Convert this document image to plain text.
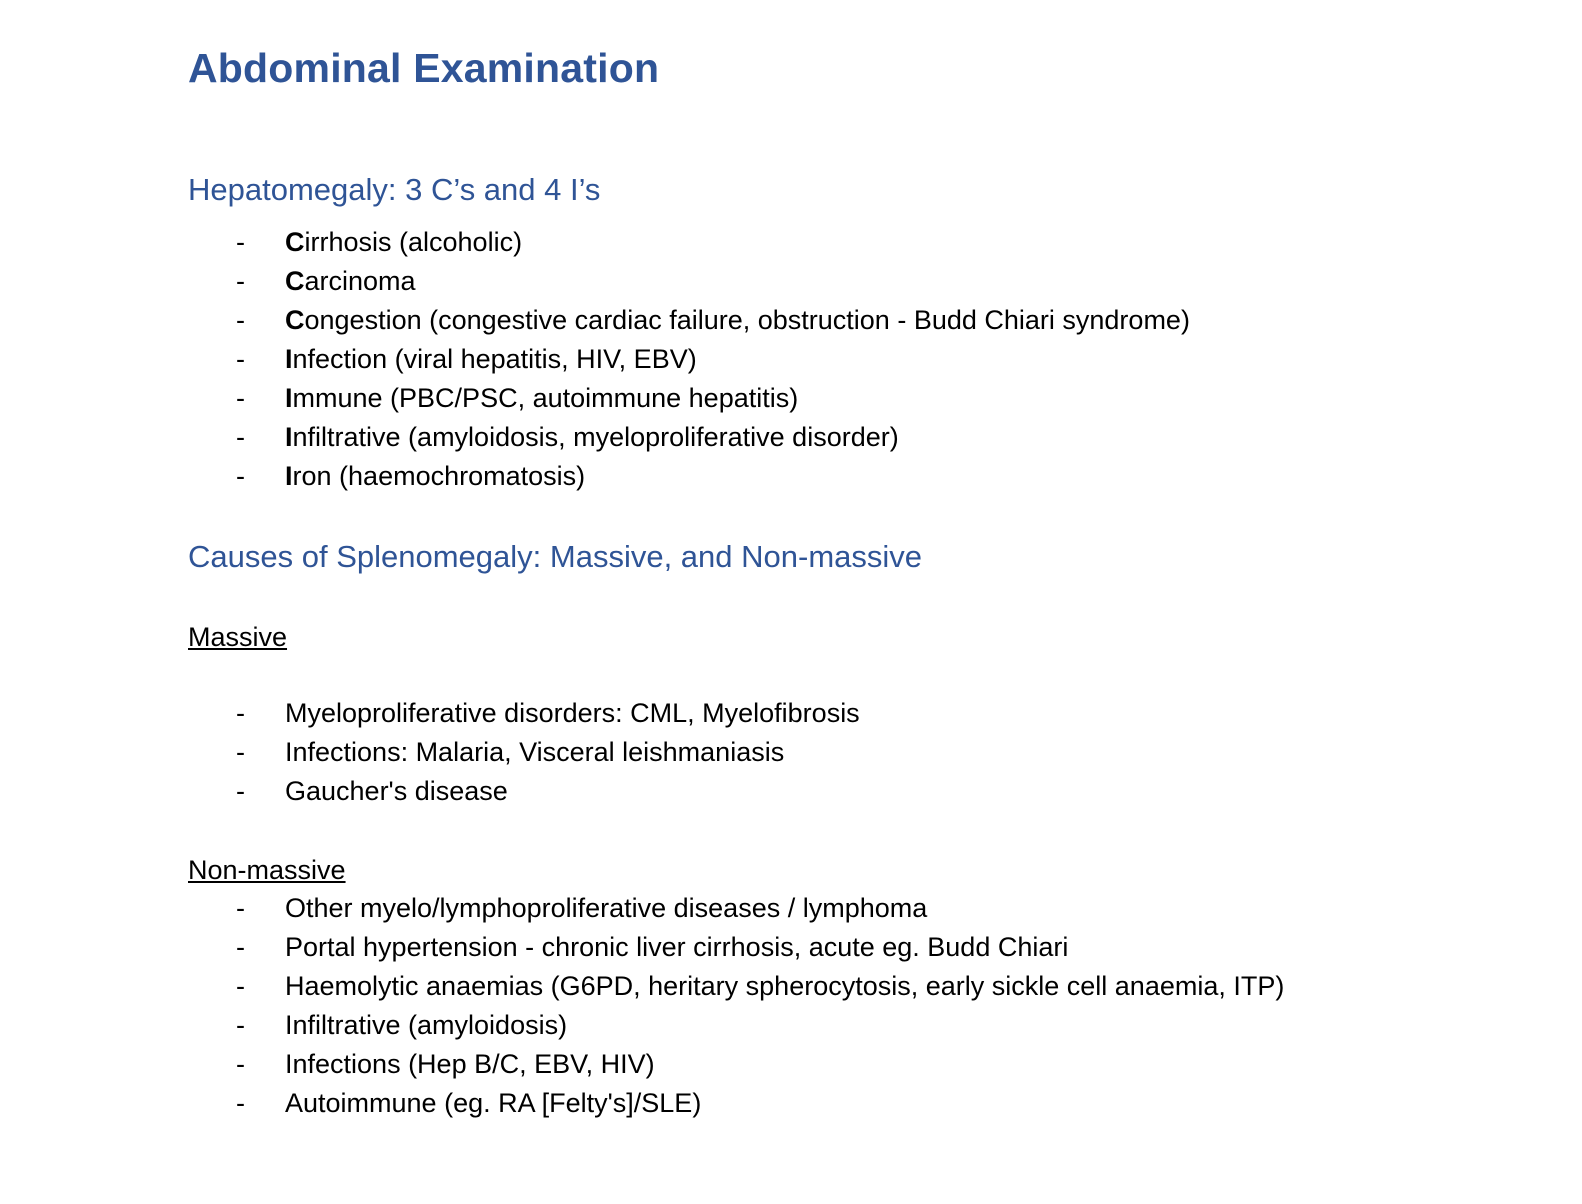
Abdominal Examination
Hepatomegaly: 3 C’s and 4 I’s
- Cirrhosis (alcoholic)
- Carcinoma
- Congestion (congestive cardiac failure, obstruction - Budd Chiari syndrome)
- Infection (viral hepatitis, HIV, EBV)
- Immune (PBC/PSC, autoimmune hepatitis)
- Infiltrative (amyloidosis, myeloproliferative disorder)
- Iron (haemochromatosis)
Causes of Splenomegaly: Massive, and Non-massive

Massive

- Myeloproliferative disorders: CML, Myelofibrosis
- Infections: Malaria, Visceral leishmaniasis
- Gaucher's disease

Non-massive

- Other myelo/lymphoproliferative diseases / lymphoma
- Portal hypertension - chronic liver cirrhosis, acute eg. Budd Chiari
- Haemolytic anaemias (G6PD, heritary spherocytosis, early sickle cell anaemia, ITP)
- Infiltrative (amyloidosis)
- Infections (Hep B/C, EBV, HIV)
- Autoimmune (eg. RA [Felty's]/SLE)
